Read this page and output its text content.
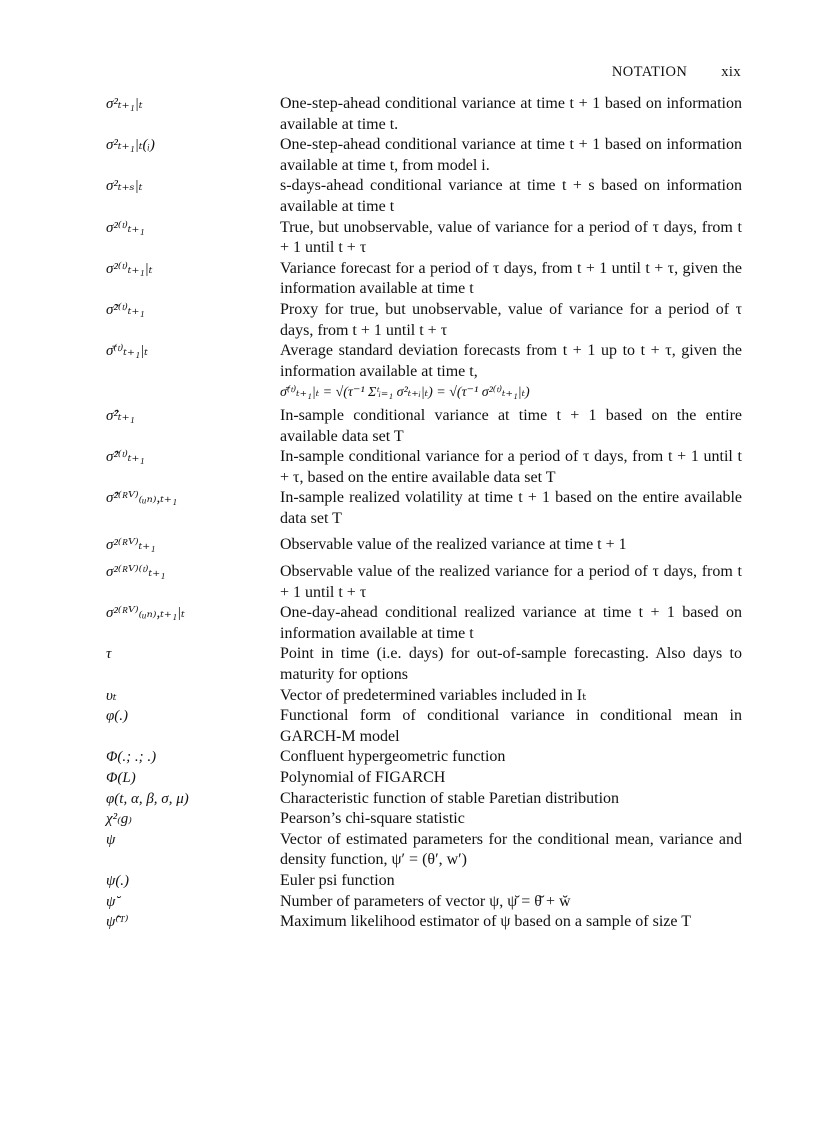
NOTATION xix
σ²ₜ₊₁|ₜ	One-step-ahead conditional variance at time t + 1 based on information available at time t.
σ²ₜ₊₁|ₜ(ᵢ)	One-step-ahead conditional variance at time t + 1 based on information available at time t, from model i.
σ²ₜ₊ₛ|ₜ	s-days-ahead conditional variance at time t + s based on information available at time t
σ²⁽ᵗ⁾ₜ₊₁	True, but unobservable, value of variance for a period of τ days, from t + 1 until t + τ
σ²⁽ᵗ⁾ₜ₊₁|ₜ	Variance forecast for a period of τ days, from t + 1 until t + τ, given the information available at time t
σ̃²⁽ᵗ⁾ₜ₊₁	Proxy for true, but unobservable, value of variance for a period of τ days, from t + 1 until t + τ
σ̄⁽ᵗ⁾ₜ₊₁|ₜ	Average standard deviation forecasts from t + 1 up to t + τ, given the information available at time t,
σ̄⁽ᵗ⁾ₜ₊₁|ₜ = √(τ⁻¹ Σᵗᵢ₌₁ σ²ₜ₊ᵢ|ₜ) = √(τ⁻¹ σ²⁽ᵗ⁾ₜ₊₁|ₜ)
σ̂²ₜ₊₁	In-sample conditional variance at time t + 1 based on the entire available data set T
σ̂²⁽ᵗ⁾ₜ₊₁	In-sample conditional variance for a period of τ days, from t + 1 until t + τ, based on the entire available data set T
σ̂²⁽ᴿⱽ⁾₍ᵤₙ₎,ₜ₊₁	In-sample realized volatility at time t + 1 based on the entire available data set T
σ²⁽ᴿⱽ⁾ₜ₊₁	Observable value of the realized variance at time t + 1
σ²⁽ᴿⱽ⁾⁽ᵗ⁾ₜ₊₁	Observable value of the realized variance for a period of τ days, from t + 1 until t + τ
σ²⁽ᴿⱽ⁾₍ᵤₙ₎,ₜ₊₁|ₜ	One-day-ahead conditional realized variance at time t + 1 based on information available at time t
τ	Point in time (i.e. days) for out-of-sample forecasting. Also days to maturity for options
υₜ	Vector of predetermined variables included in Iₜ
φ(.)	Functional form of conditional variance in conditional mean in GARCH-M model
Φ(.; .; .)	Confluent hypergeometric function
Φ(L)	Polynomial of FIGARCH
φ(t, α, β, σ, μ)	Characteristic function of stable Paretian distribution
χ²₍g₎	Pearson’s chi-square statistic
ψ	Vector of estimated parameters for the conditional mean, variance and density function, ψ′ = (θ′, w′)
ψ(.)	Euler psi function
ψ̆	Number of parameters of vector ψ, ψ̆ = θ̆ + w̆
ψ̂⁽ᵀ⁾	Maximum likelihood estimator of ψ based on a sample of size T
